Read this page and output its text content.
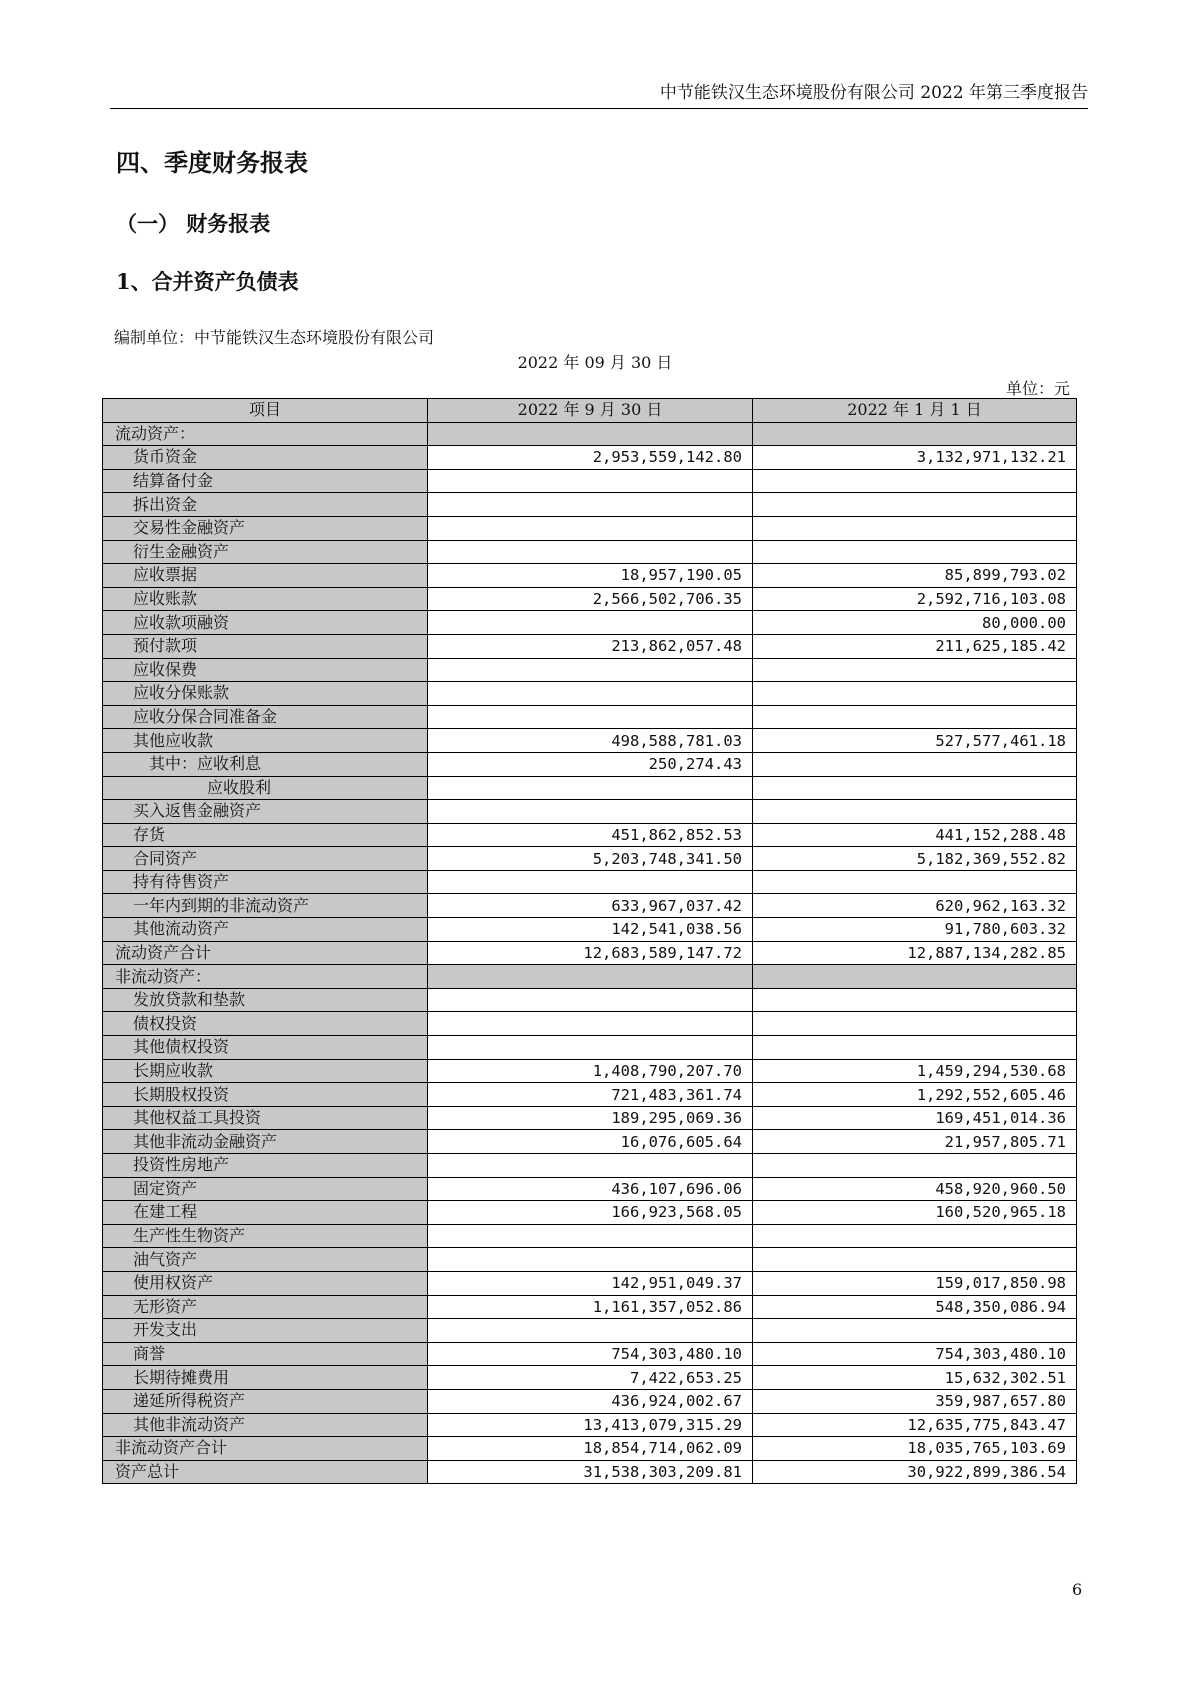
中节能铁汉生态环境股份有限公司 2022 年第三季度报告
四、季度财务报表
（一） 财务报表
1、合并资产负债表
编制单位：中节能铁汉生态环境股份有限公司
2022 年 09 月 30 日
单位：元
项目	2022 年 9 月 30 日	2022 年 1 月 1 日
流动资产：		
货币资金	2,953,559,142.80	3,132,971,132.21
结算备付金		
拆出资金		
交易性金融资产		
衍生金融资产		
应收票据	18,957,190.05	85,899,793.02
应收账款	2,566,502,706.35	2,592,716,103.08
应收款项融资		80,000.00
预付款项	213,862,057.48	211,625,185.42
应收保费		
应收分保账款		
应收分保合同准备金		
其他应收款	498,588,781.03	527,577,461.18
其中：应收利息	250,274.43	
应收股利		
买入返售金融资产		
存货	451,862,852.53	441,152,288.48
合同资产	5,203,748,341.50	5,182,369,552.82
持有待售资产		
一年内到期的非流动资产	633,967,037.42	620,962,163.32
其他流动资产	142,541,038.56	91,780,603.32
流动资产合计	12,683,589,147.72	12,887,134,282.85
非流动资产：		
发放贷款和垫款		
债权投资		
其他债权投资		
长期应收款	1,408,790,207.70	1,459,294,530.68
长期股权投资	721,483,361.74	1,292,552,605.46
其他权益工具投资	189,295,069.36	169,451,014.36
其他非流动金融资产	16,076,605.64	21,957,805.71
投资性房地产		
固定资产	436,107,696.06	458,920,960.50
在建工程	166,923,568.05	160,520,965.18
生产性生物资产		
油气资产		
使用权资产	142,951,049.37	159,017,850.98
无形资产	1,161,357,052.86	548,350,086.94
开发支出		
商誉	754,303,480.10	754,303,480.10
长期待摊费用	7,422,653.25	15,632,302.51
递延所得税资产	436,924,002.67	359,987,657.80
其他非流动资产	13,413,079,315.29	12,635,775,843.47
非流动资产合计	18,854,714,062.09	18,035,765,103.69
资产总计	31,538,303,209.81	30,922,899,386.54
6
